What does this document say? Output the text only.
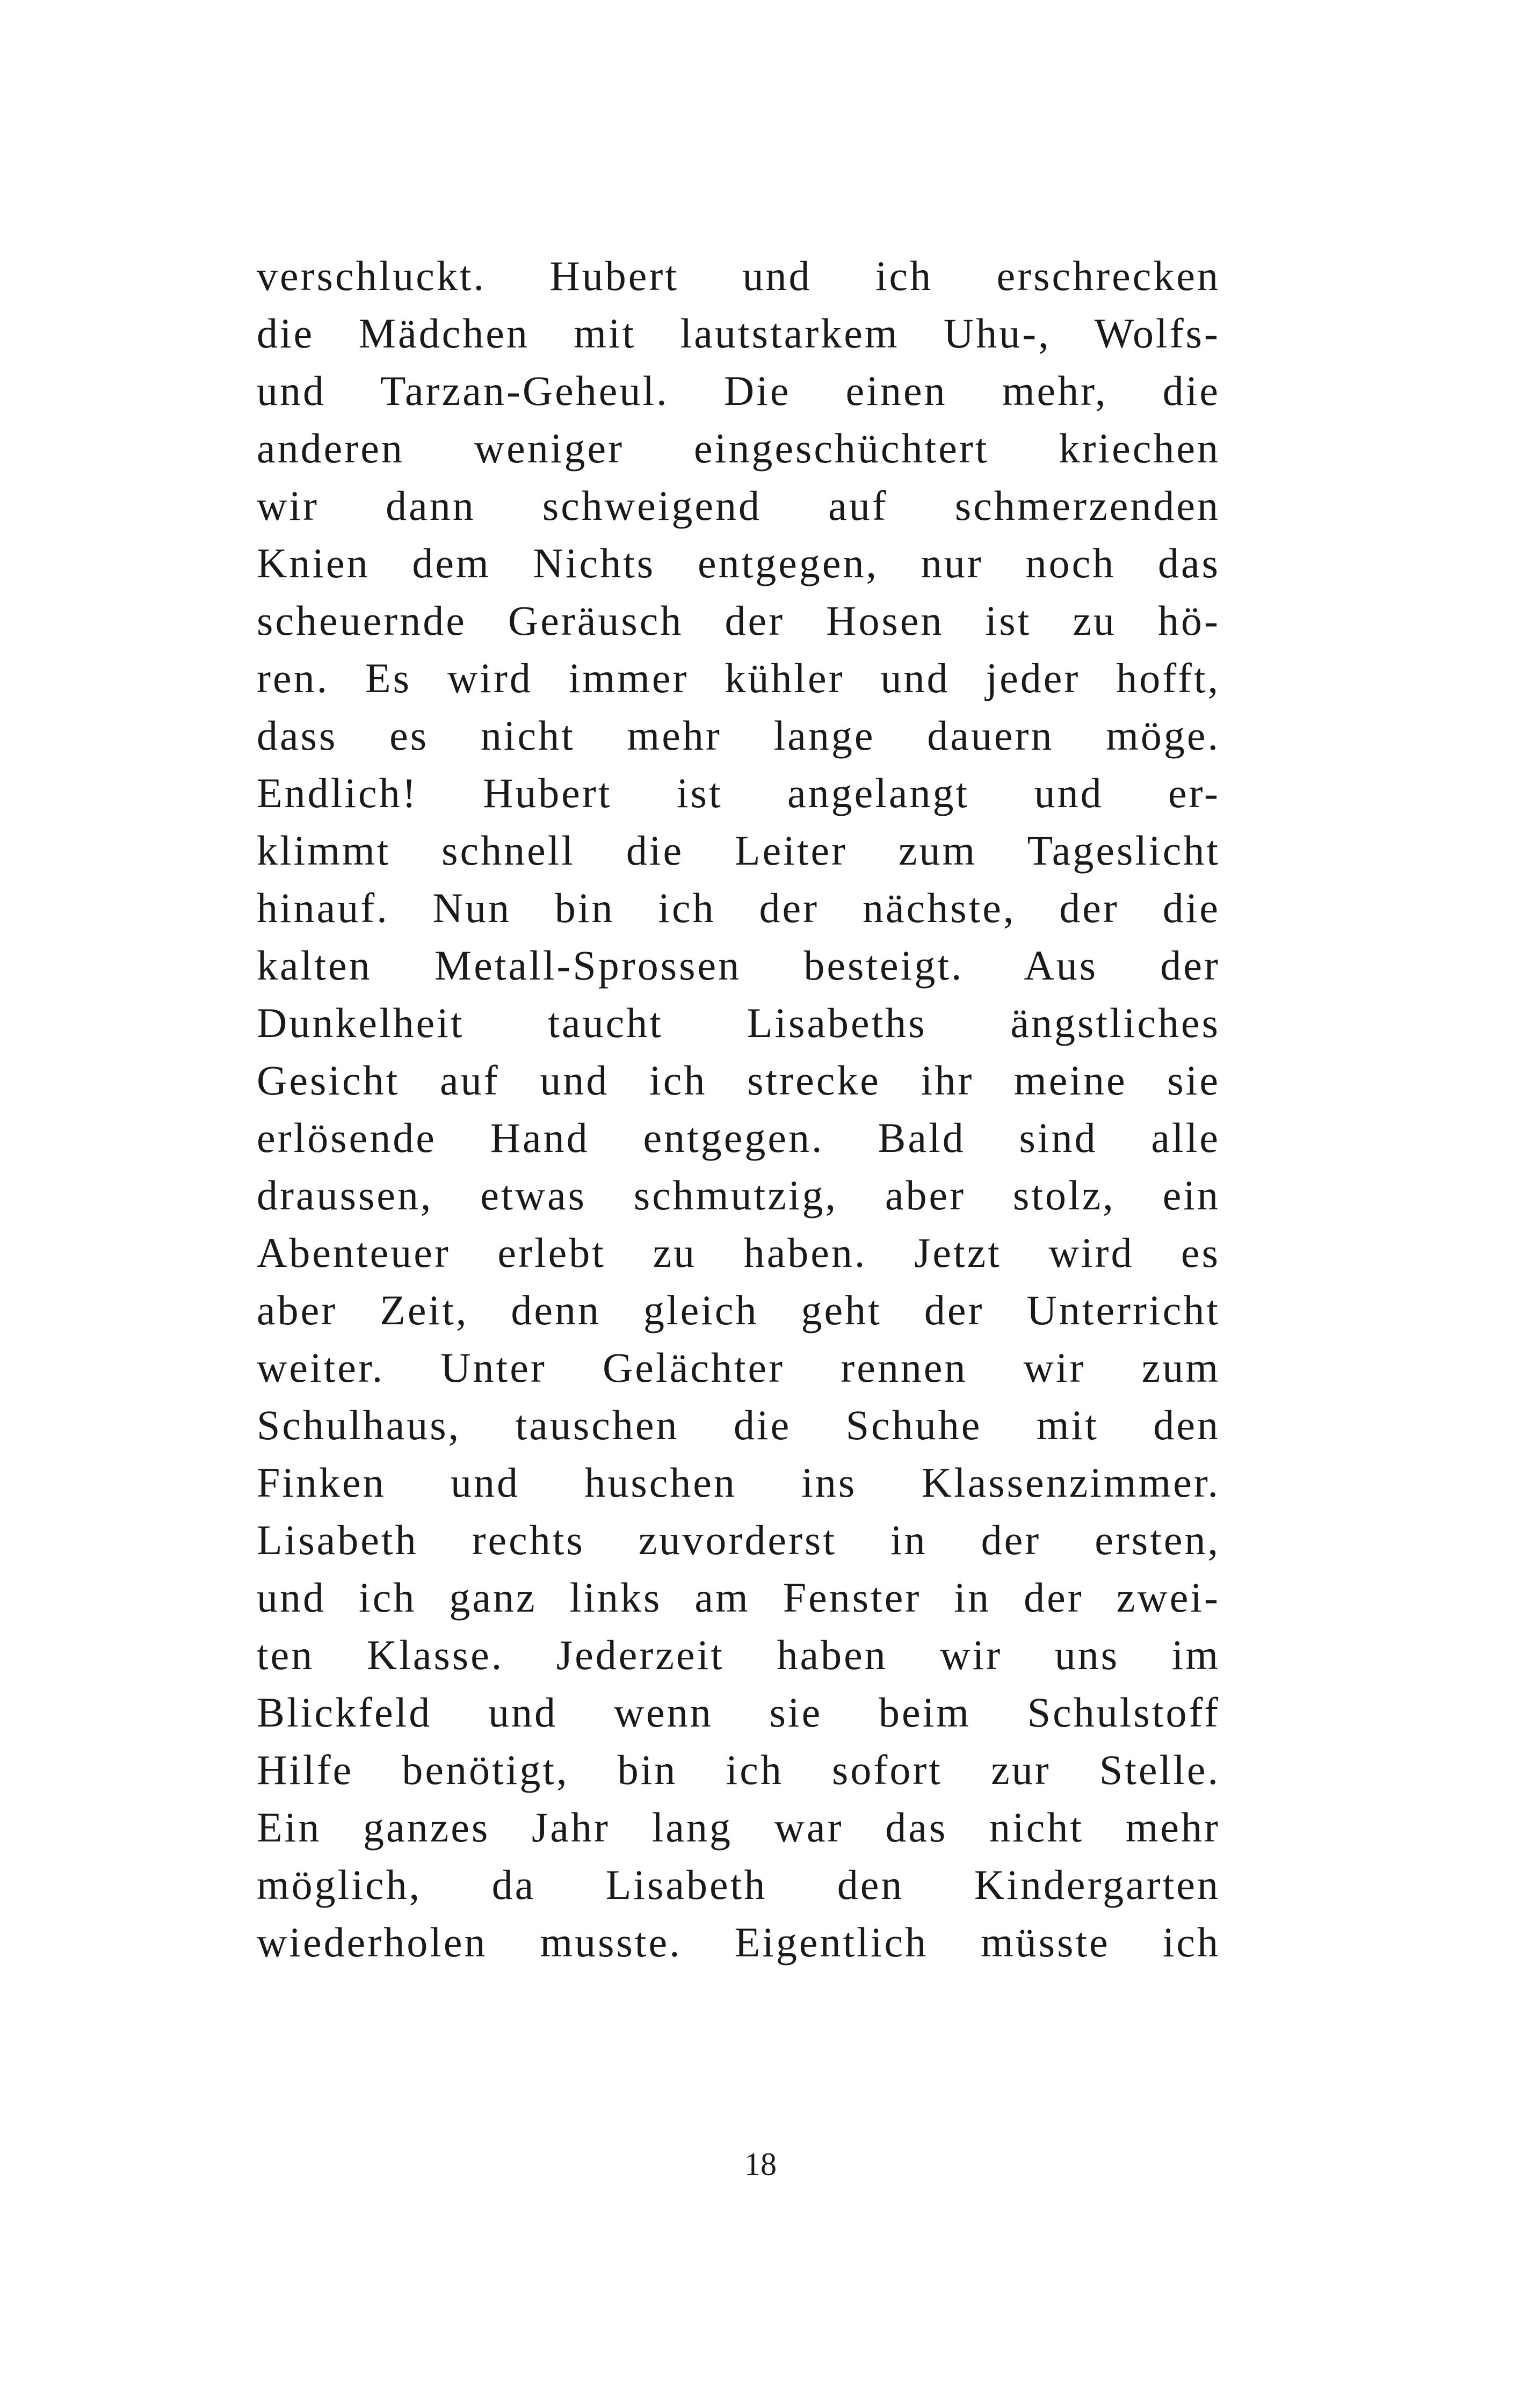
verschluckt. Hubert und ich erschrecken
die Mädchen mit lautstarkem Uhu-, Wolfs-
und Tarzan-Geheul. Die einen mehr, die
anderen weniger eingeschüchtert kriechen
wir dann schweigend auf schmerzenden
Knien dem Nichts entgegen, nur noch das
scheuernde Geräusch der Hosen ist zu hö-
ren. Es wird immer kühler und jeder hofft,
dass es nicht mehr lange dauern möge.
Endlich! Hubert ist angelangt und er-
klimmt schnell die Leiter zum Tageslicht
hinauf. Nun bin ich der nächste, der die
kalten Metall-Sprossen besteigt. Aus der
Dunkelheit taucht Lisabeths ängstliches
Gesicht auf und ich strecke ihr meine sie
erlösende Hand entgegen. Bald sind alle
draussen, etwas schmutzig, aber stolz, ein
Abenteuer erlebt zu haben. Jetzt wird es
aber Zeit, denn gleich geht der Unterricht
weiter. Unter Gelächter rennen wir zum
Schulhaus, tauschen die Schuhe mit den
Finken und huschen ins Klassenzimmer.
Lisabeth rechts zuvorderst in der ersten,
und ich ganz links am Fenster in der zwei-
ten Klasse. Jederzeit haben wir uns im
Blickfeld und wenn sie beim Schulstoff
Hilfe benötigt, bin ich sofort zur Stelle.
Ein ganzes Jahr lang war das nicht mehr
möglich, da Lisabeth den Kindergarten
wiederholen musste. Eigentlich müsste ich
18
